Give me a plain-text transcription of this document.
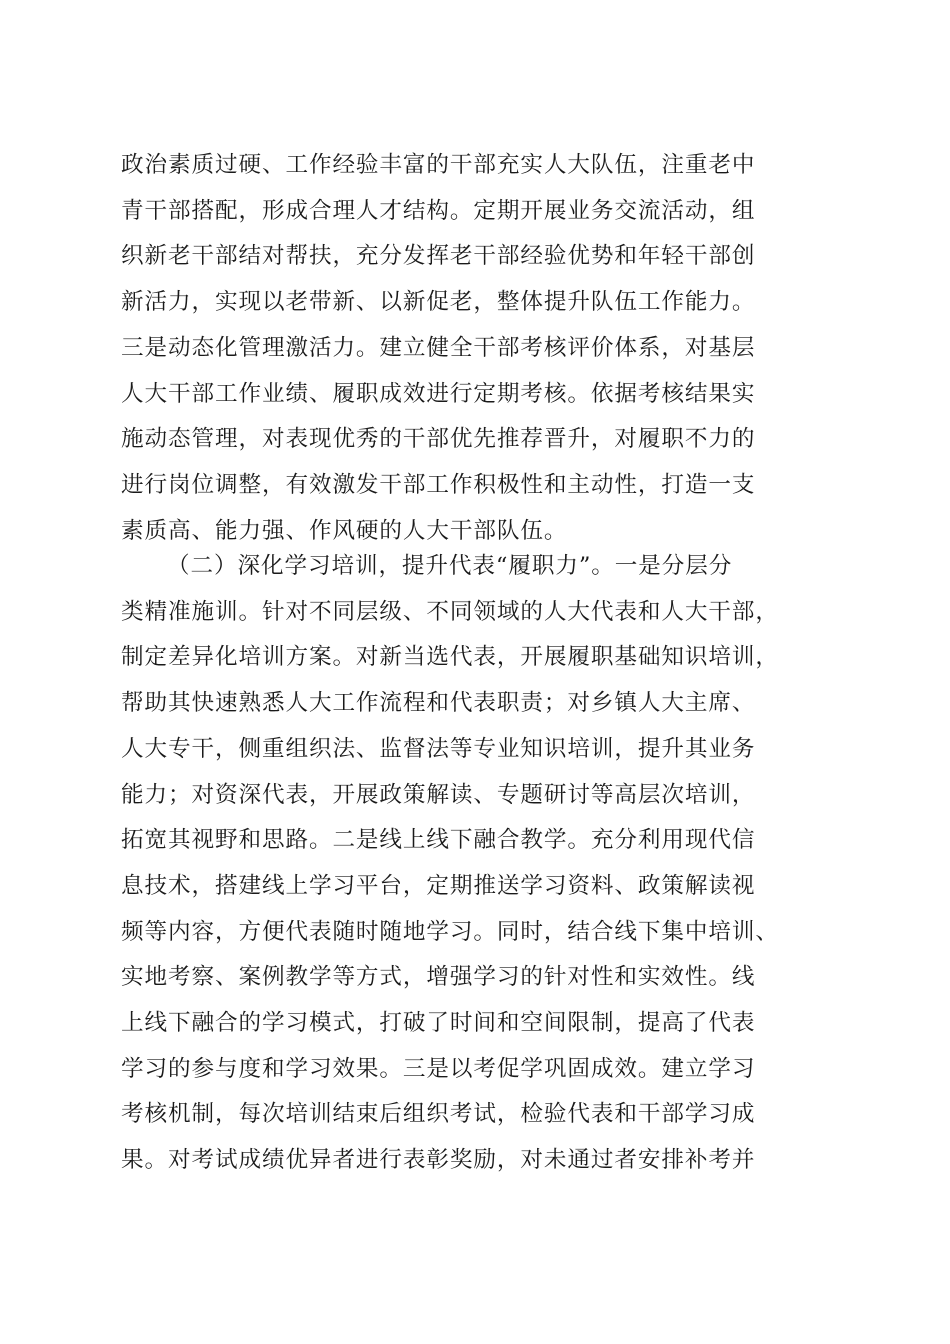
政治素质过硬、工作经验丰富的干部充实人大队伍，注重老中
青干部搭配，形成合理人才结构。定期开展业务交流活动，组
织新老干部结对帮扶，充分发挥老干部经验优势和年轻干部创
新活力，实现以老带新、以新促老，整体提升队伍工作能力。
三是动态化管理激活力。建立健全干部考核评价体系，对基层
人大干部工作业绩、履职成效进行定期考核。依据考核结果实
施动态管理，对表现优秀的干部优先推荐晋升，对履职不力的
进行岗位调整，有效激发干部工作积极性和主动性，打造一支
素质高、能力强、作风硬的人大干部队伍。
（二）深化学习培训，提升代表“履职力”。一是分层分
类精准施训。针对不同层级、不同领域的人大代表和人大干部，
制定差异化培训方案。对新当选代表，开展履职基础知识培训，
帮助其快速熟悉人大工作流程和代表职责；对乡镇人大主席、
人大专干，侧重组织法、监督法等专业知识培训，提升其业务
能力；对资深代表，开展政策解读、专题研讨等高层次培训，
拓宽其视野和思路。二是线上线下融合教学。充分利用现代信
息技术，搭建线上学习平台，定期推送学习资料、政策解读视
频等内容，方便代表随时随地学习。同时，结合线下集中培训、
实地考察、案例教学等方式，增强学习的针对性和实效性。线
上线下融合的学习模式，打破了时间和空间限制，提高了代表
学习的参与度和学习效果。三是以考促学巩固成效。建立学习
考核机制，每次培训结束后组织考试，检验代表和干部学习成
果。对考试成绩优异者进行表彰奖励，对未通过者安排补考并
